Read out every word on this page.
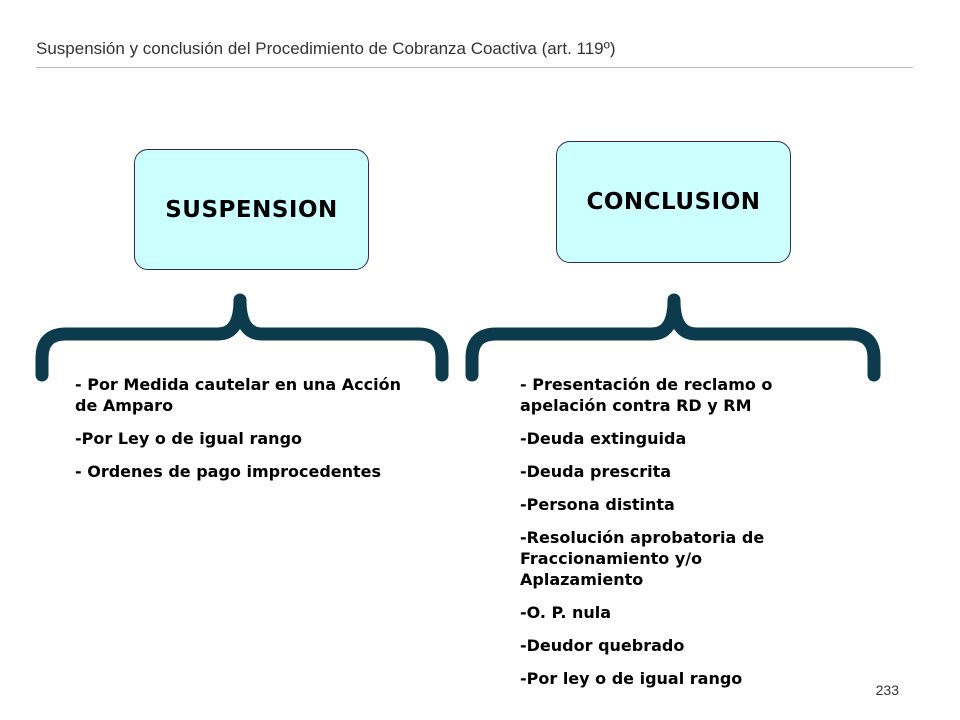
Suspensión y conclusión del Procedimiento de Cobranza Coactiva (art. 119º)
SUSPENSION	CONCLUSION
- Por Medida cautelar en una Acción de Amparo
-Por Ley o de igual rango
- Ordenes de pago improcedentes
- Presentación de reclamo o apelación contra RD y RM
-Deuda extinguida
-Deuda prescrita
-Persona distinta
-Resolución aprobatoria de Fraccionamiento y/o Aplazamiento
-O. P. nula
-Deudor quebrado
-Por ley o de igual rango
233
